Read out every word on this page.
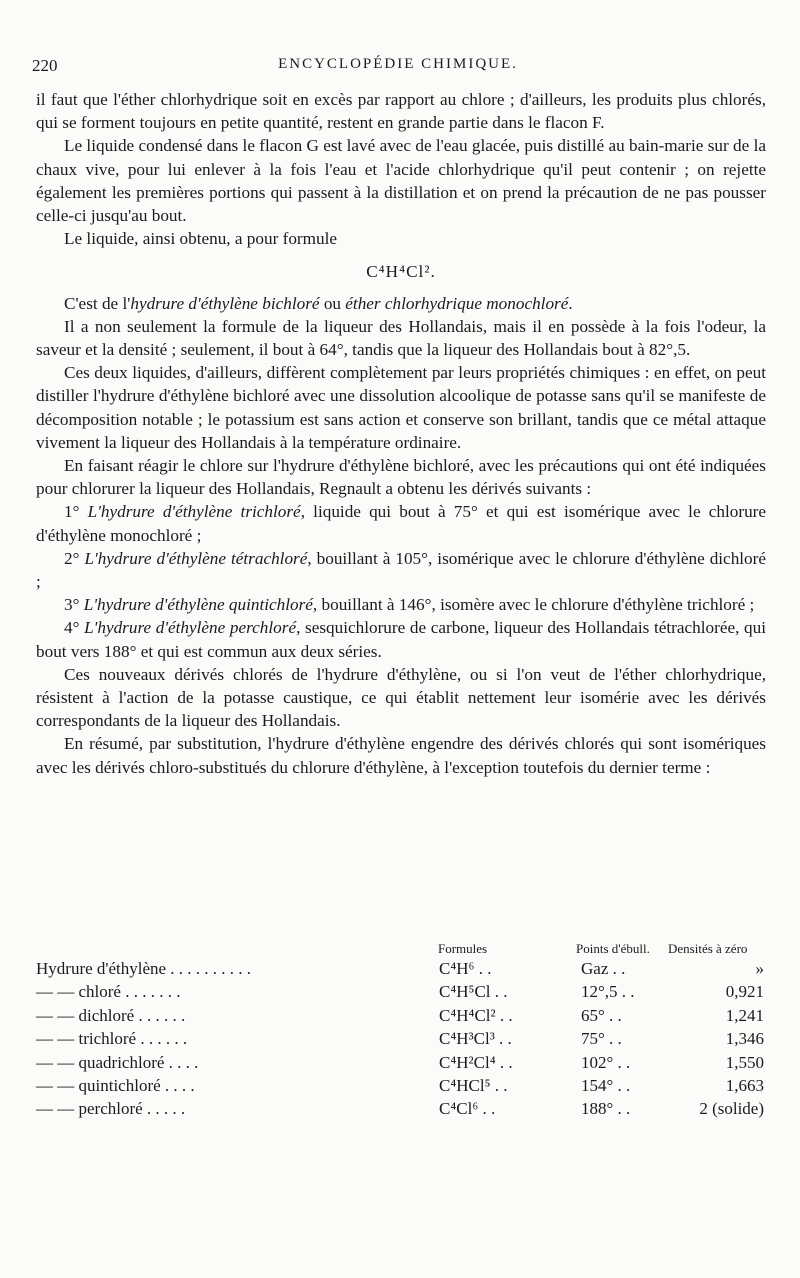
220	ENCYCLOPÉDIE CHIMIQUE.

il faut que l'éther chlorhydrique soit en excès par rapport au chlore ; d'ailleurs, les produits plus chlorés, qui se forment toujours en petite quantité, restent en grande partie dans le flacon F.

Le liquide condensé dans le flacon G est lavé avec de l'eau glacée, puis distillé au bain-marie sur de la chaux vive, pour lui enlever à la fois l'eau et l'acide chlorhydrique qu'il peut contenir ; on rejette également les premières portions qui passent à la distillation et on prend la précaution de ne pas pousser celle-ci jusqu'au bout.

Le liquide, ainsi obtenu, a pour formule

C⁴H⁴Cl².

C'est de l'hydrure d'éthylène bichloré ou éther chlorhydrique monochloré.

Il a non seulement la formule de la liqueur des Hollandais, mais il en possède à la fois l'odeur, la saveur et la densité ; seulement, il bout à 64°, tandis que la liqueur des Hollandais bout à 82°,5.

Ces deux liquides, d'ailleurs, diffèrent complètement par leurs propriétés chimiques : en effet, on peut distiller l'hydrure d'éthylène bichloré avec une dissolution alcoolique de potasse sans qu'il se manifeste de décomposition notable ; le potassium est sans action et conserve son brillant, tandis que ce métal attaque vivement la liqueur des Hollandais à la température ordinaire.

En faisant réagir le chlore sur l'hydrure d'éthylène bichloré, avec les précautions qui ont été indiquées pour chlorurer la liqueur des Hollandais, Regnault a obtenu les dérivés suivants :

1° L'hydrure d'éthylène trichloré, liquide qui bout à 75° et qui est isomérique avec le chlorure d'éthylène monochloré ;

2° L'hydrure d'éthylène tétrachloré, bouillant à 105°, isomérique avec le chlorure d'éthylène dichloré ;

3° L'hydrure d'éthylène quintichloré, bouillant à 146°, isomère avec le chlorure d'éthylène trichloré ;

4° L'hydrure d'éthylène perchloré, sesquichlorure de carbone, liqueur des Hollandais tétrachlorée, qui bout vers 188° et qui est commun aux deux séries.

Ces nouveaux dérivés chlorés de l'hydrure d'éthylène, ou si l'on veut de l'éther chlorhydrique, résistent à l'action de la potasse caustique, ce qui établit nettement leur isomérie avec les dérivés correspondants de la liqueur des Hollandais.

En résumé, par substitution, l'hydrure d'éthylène engendre des dérivés chlorés qui sont isomériques avec les dérivés chloro-substitués du chlorure d'éthylène, à l'exception toutefois du dernier terme :

Formules	Points d'ébull. Densités à zéro
Hydrure d'éthylène . . . . . . . . . .	C⁴H⁶ . .	Gaz . .	»
— — chloré . . . . . . .	C⁴H⁵Cl . .	12°,5 . .	0,921
— — dichloré . . . . . .	C⁴H⁴Cl² . .	65° . .	1,241
— — trichloré . . . . . .	C⁴H³Cl³ . .	75° . .	1,346
— — quadrichloré . . . .	C⁴H²Cl⁴ . .	102° . .	1,550
— — quintichloré . . . .	C⁴HCl⁵ . .	154° . .	1,663
— — perchloré . . . . .	C⁴Cl⁶ . .	188° . .	2 (solide)
